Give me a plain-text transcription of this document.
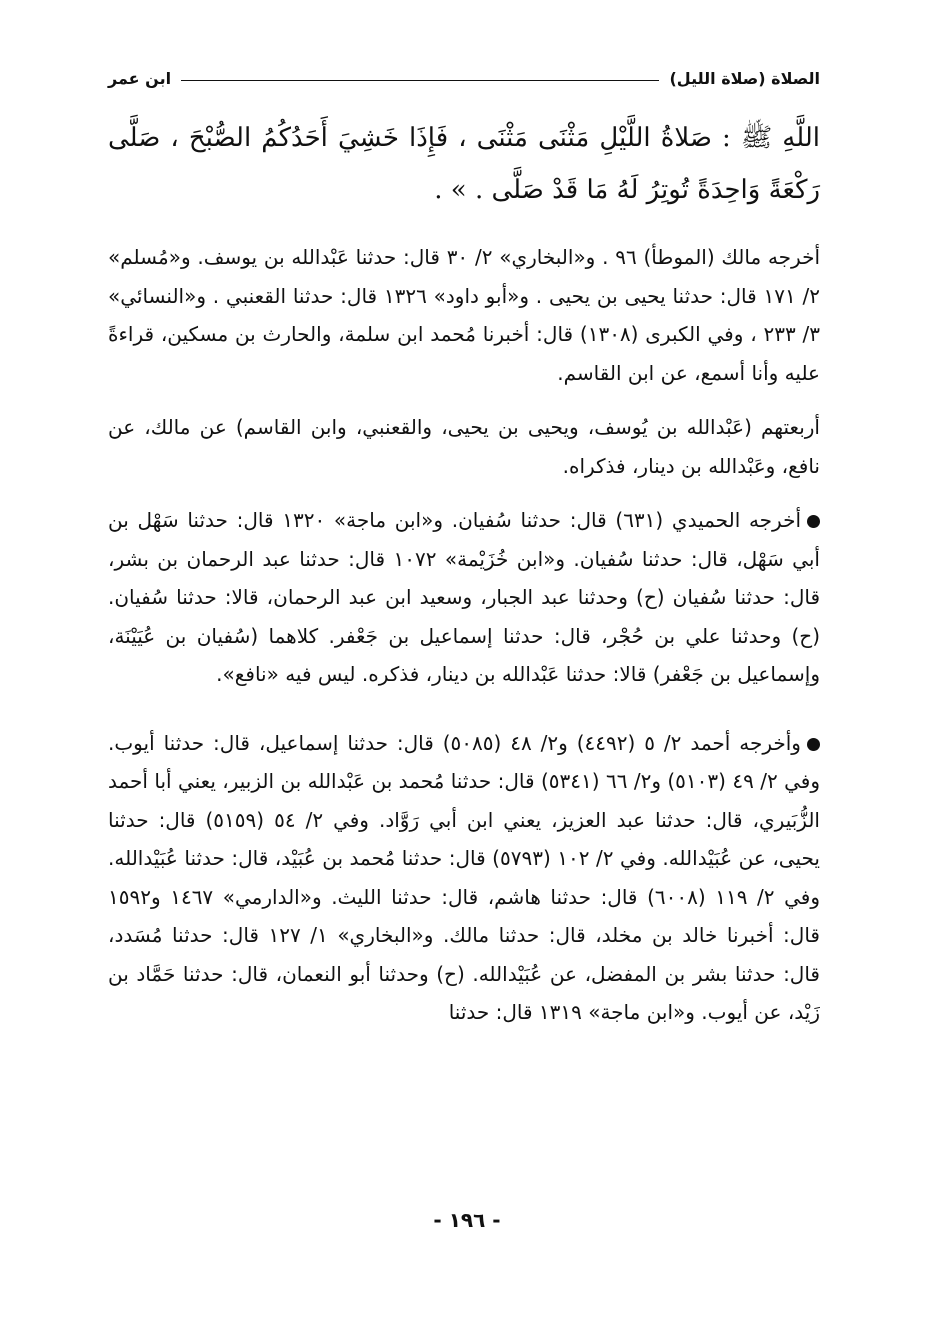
الصلاة (صلاة الليل)
ابن عمر

اللَّهِ ﷺ : صَلاةُ اللَّيْلِ مَثْنَى مَثْنَى ، فَإِذَا خَشِيَ أَحَدُكُمُ الصُّبْحَ ، صَلَّى رَكْعَةً وَاحِدَةً تُوتِرُ لَهُ مَا قَدْ صَلَّى . » .

أخرجه مالك (الموطأ) ٩٦ . و«البخاري» ٢/ ٣٠ قال: حدثنا عَبْدالله بن يوسف. و«مُسلم» ٢/ ١٧١ قال: حدثنا يحيى بن يحيى . و«أبو داود» ١٣٢٦ قال: حدثنا القعنبي . و«النسائي» ٣/ ٢٣٣ ، وفي الكبرى (١٣٠٨) قال: أخبرنا مُحمد ابن سلمة، والحارث بن مسكين، قراءةً عليه وأنا أسمع، عن ابن القاسم.

أربعتهم (عَبْدالله بن يُوسف، ويحيى بن يحيى، والقعنبي، وابن القاسم) عن مالك، عن نافع، وعَبْدالله بن دينار، فذكراه.

أخرجه الحميدي (٦٣١) قال: حدثنا سُفيان. و«ابن ماجة» ١٣٢٠ قال: حدثنا سَهْل بن أبي سَهْل، قال: حدثنا سُفيان. و«ابن خُزَيْمة» ١٠٧٢ قال: حدثنا عبد الرحمان بن بشر، قال: حدثنا سُفيان (ح) وحدثنا عبد الجبار، وسعيد ابن عبد الرحمان، قالا: حدثنا سُفيان. (ح) وحدثنا علي بن حُجْر، قال: حدثنا إسماعيل بن جَعْفر. كلاهما (سُفيان بن عُيَيْنَة، وإسماعيل بن جَعْفر) قالا: حدثنا عَبْدالله بن دينار، فذكره. ليس فيه «نافع».

وأخرجه أحمد ٢/ ٥ (٤٤٩٢) و٢/ ٤٨ (٥٠٨٥) قال: حدثنا إسماعيل، قال: حدثنا أيوب. وفي ٢/ ٤٩ (٥١٠٣) و٢/ ٦٦ (٥٣٤١) قال: حدثنا مُحمد بن عَبْدالله بن الزبير، يعني أبا أحمد الزُّبَيري، قال: حدثنا عبد العزيز، يعني ابن أبي رَوَّاد. وفي ٢/ ٥٤ (٥١٥٩) قال: حدثنا يحيى، عن عُبَيْدالله. وفي ٢/ ١٠٢ (٥٧٩٣) قال: حدثنا مُحمد بن عُبَيْد، قال: حدثنا عُبَيْدالله. وفي ٢/ ١١٩ (٦٠٠٨) قال: حدثنا هاشم، قال: حدثنا الليث. و«الدارمي» ١٤٦٧ و١٥٩٢ قال: أخبرنا خالد بن مخلد، قال: حدثنا مالك. و«البخاري» ١/ ١٢٧ قال: حدثنا مُسَدد، قال: حدثنا بشر بن المفضل، عن عُبَيْدالله. (ح) وحدثنا أبو النعمان، قال: حدثنا حَمَّاد بن زَيْد، عن أيوب. و«ابن ماجة» ١٣١٩ قال: حدثنا

- ١٩٦ -
